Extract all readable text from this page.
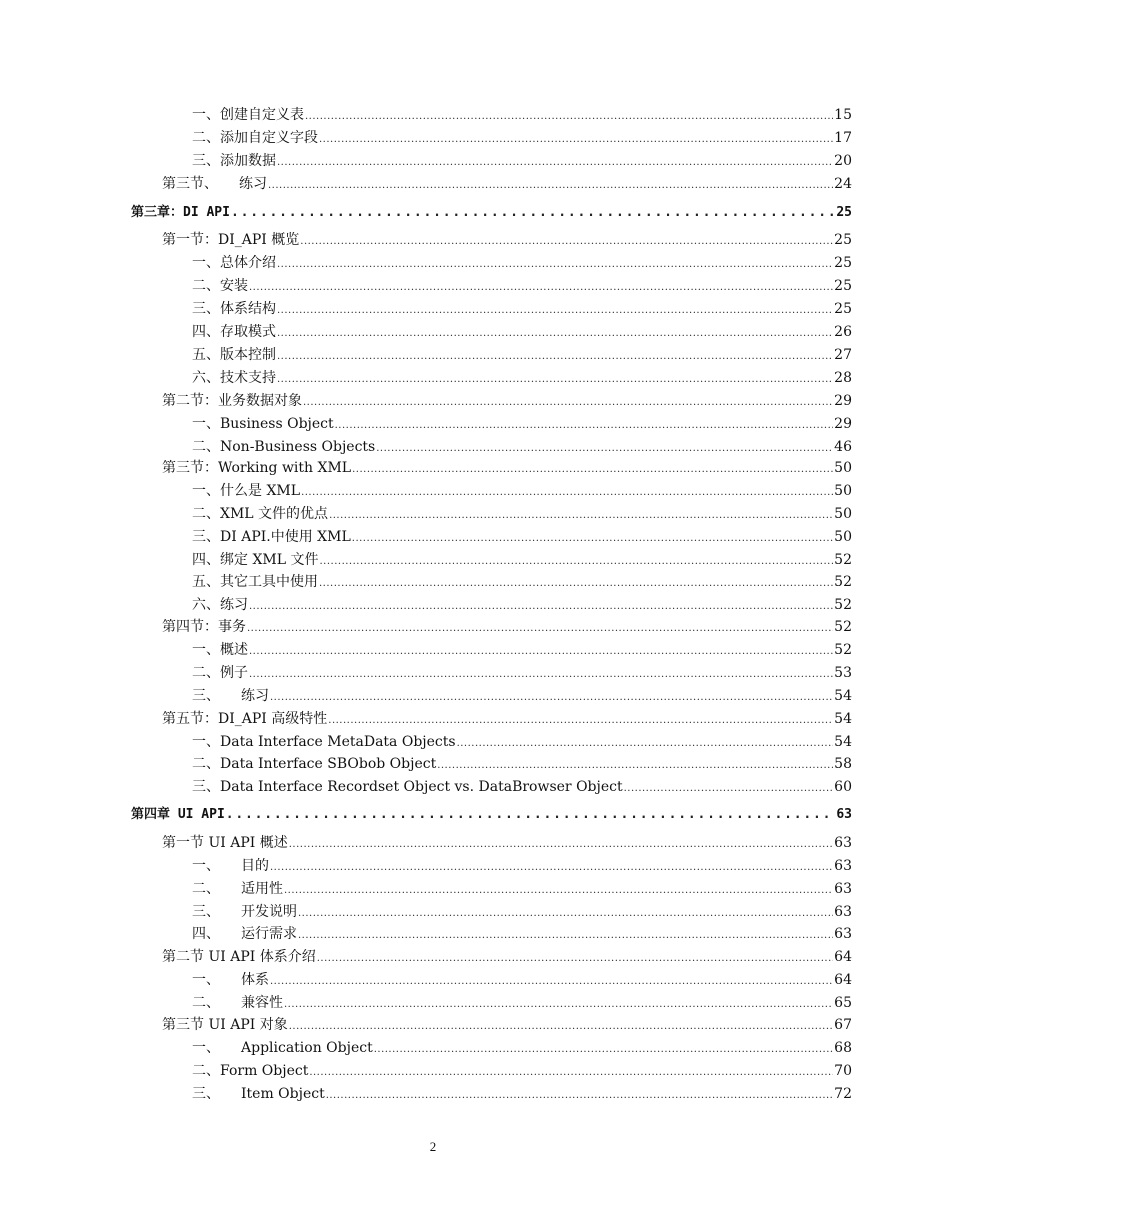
一、创建自定义表 .....	15
二、添加自定义字段 .....	17
三、添加数据 .....	20
第三节、　　练习 .....	24
第三章：DI API .....	25
第一节：DI_API 概览 .....	25
一、总体介绍 .....	25
二、安装 .....	25
三、体系结构 .....	25
四、存取模式 .....	26
五、版本控制 .....	27
六、技术支持 .....	28
第二节：业务数据对象 .....	29
一、Business Object .....	29
二、Non-Business Objects .....	46
第三节：Working with XML .....	50
一、什么是 XML .....	50
二、XML 文件的优点 .....	50
三、DI API.中使用 XML .....	50
四、绑定 XML 文件 .....	52
五、其它工具中使用 .....	52
六、练习 .....	52
第四节：事务 .....	52
一、概述 .....	52
二、例子 .....	53
三、　　练习 .....	54
第五节：DI_API 高级特性 .....	54
一、Data Interface MetaData Objects .....	54
二、Data Interface SBObob Object .....	58
三、Data Interface Recordset Object vs. DataBrowser Object .....	60
第四章 UI API .....	63
第一节 UI API 概述 .....	63
一、　　目的 .....	63
二、　　适用性 .....	63
三、　　开发说明 .....	63
四、　　运行需求 .....	63
第二节 UI API 体系介绍 .....	64
一、　　体系 .....	64
二、　　兼容性 .....	65
第三节 UI API 对象 .....	67
一、　　Application Object .....	68
二、Form Object .....	70
三、　　Item Object .....	72
2
